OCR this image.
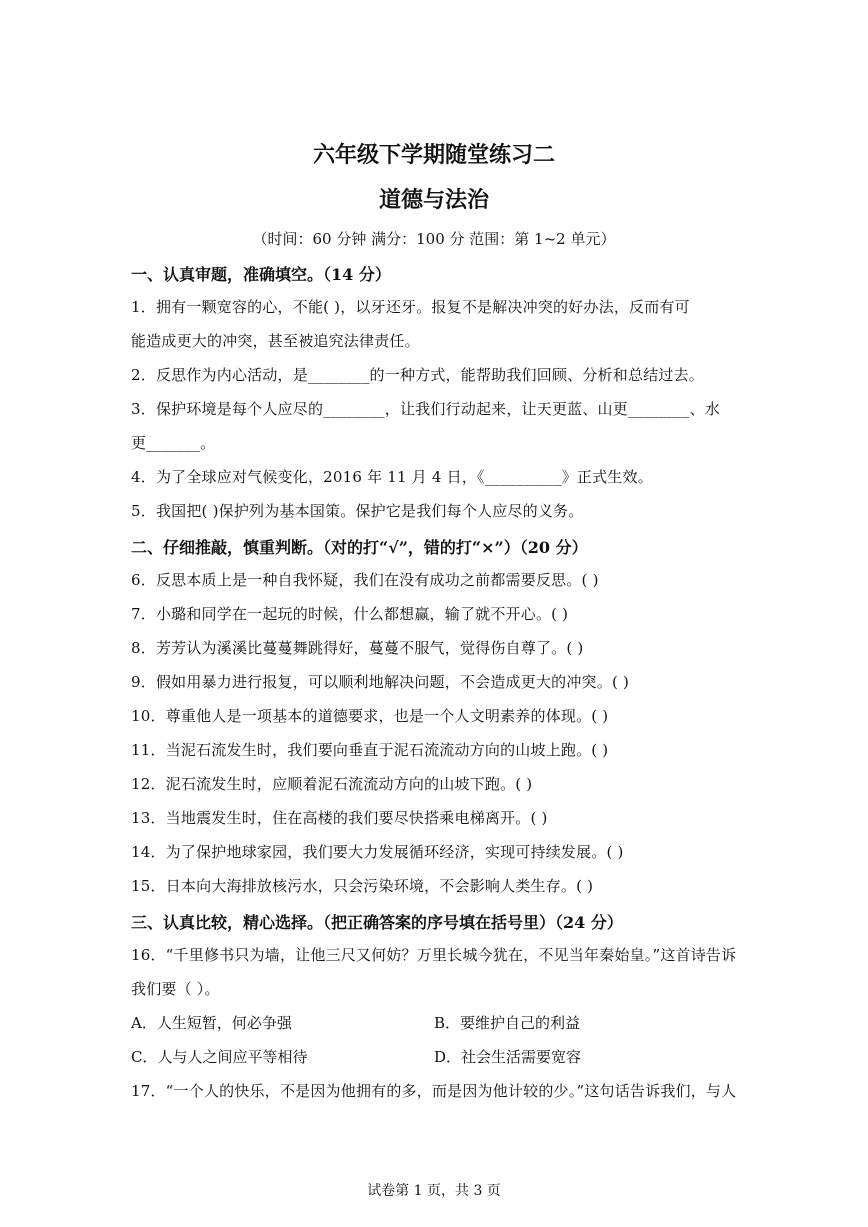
六年级下学期随堂练习二
道德与法治
（时间：60 分钟 满分：100 分 范围：第 1~2 单元）
一、认真审题，准确填空。（14 分）
1．拥有一颗宽容的心，不能( )，以牙还牙。报复不是解决冲突的好办法，反而有可
能造成更大的冲突，甚至被追究法律责任。
2．反思作为内心活动，是________的一种方式，能帮助我们回顾、分析和总结过去。
3．保护环境是每个人应尽的________，让我们行动起来，让天更蓝、山更________、水
更_______。
4．为了全球应对气候变化，2016 年 11 月 4 日，《__________》正式生效。
5．我国把( )保护列为基本国策。保护它是我们每个人应尽的义务。
二、仔细推敲，慎重判断。（对的打“√”，错的打“×”）（20 分）
6．反思本质上是一种自我怀疑，我们在没有成功之前都需要反思。( )
7．小璐和同学在一起玩的时候，什么都想赢，输了就不开心。( )
8．芳芳认为溪溪比蔓蔓舞跳得好，蔓蔓不服气，觉得伤自尊了。( )
9．假如用暴力进行报复，可以顺利地解决问题，不会造成更大的冲突。( )
10．尊重他人是一项基本的道德要求，也是一个人文明素养的体现。( )
11．当泥石流发生时，我们要向垂直于泥石流流动方向的山坡上跑。( )
12．泥石流发生时，应顺着泥石流流动方向的山坡下跑。( )
13．当地震发生时，住在高楼的我们要尽快搭乘电梯离开。( )
14．为了保护地球家园，我们要大力发展循环经济，实现可持续发展。( )
15．日本向大海排放核污水，只会污染环境，不会影响人类生存。( )
三、认真比较，精心选择。（把正确答案的序号填在括号里）（24 分）
16．“千里修书只为墙，让他三尺又何妨？万里长城今犹在，不见当年秦始皇。”这首诗告诉
我们要（ ）。
A．人生短暂，何必争强	B．要维护自己的利益
C．人与人之间应平等相待	D．社会生活需要宽容
17．“一个人的快乐，不是因为他拥有的多，而是因为他计较的少。”这句话告诉我们，与人
试卷第 1 页，共 3 页
